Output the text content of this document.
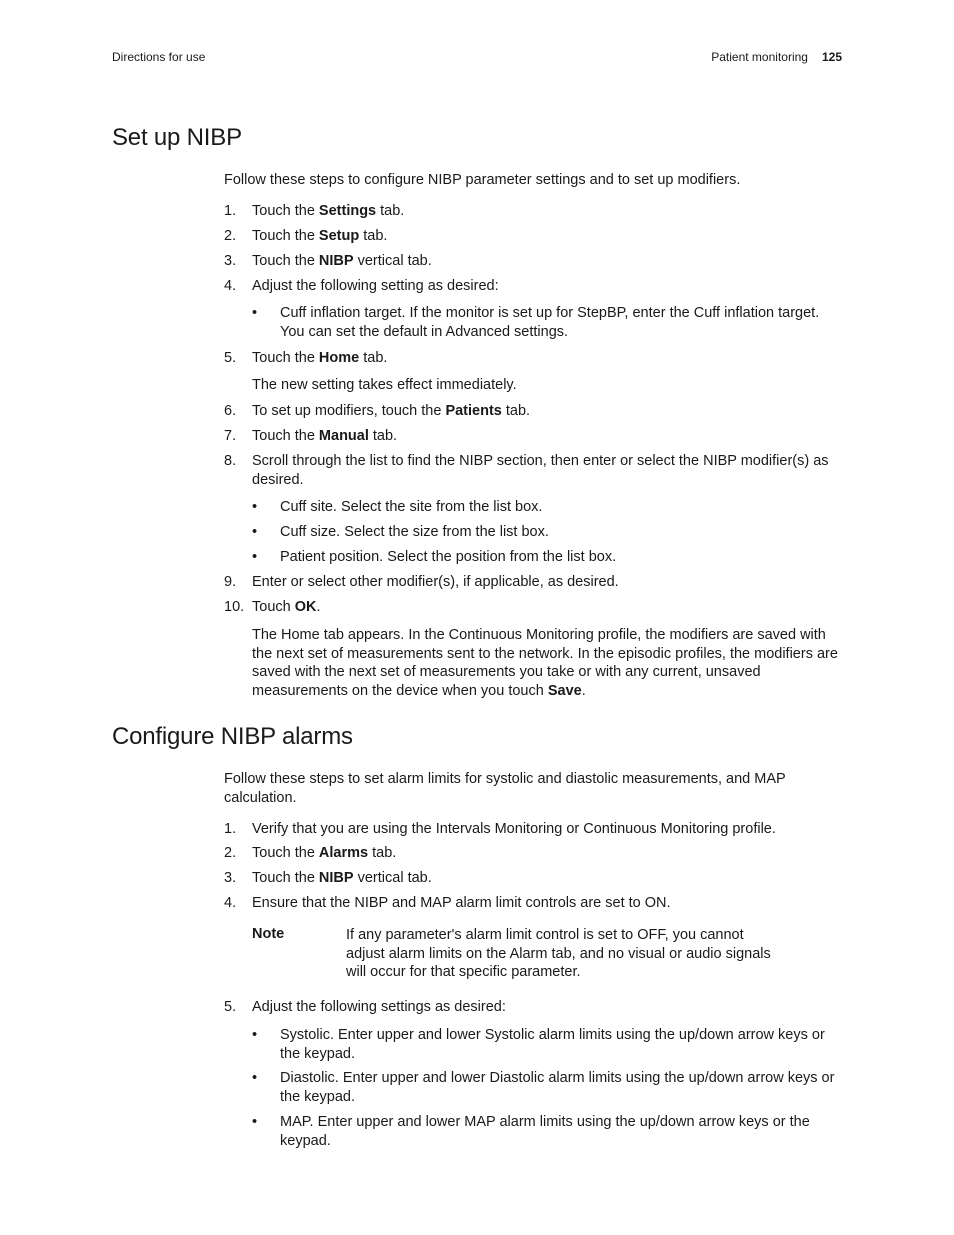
Directions for use	Patient monitoring 125
Set up NIBP

Follow these steps to configure NIBP parameter settings and to set up modifiers.

1.	Touch the Settings tab.
2.	Touch the Setup tab.
3.	Touch the NIBP vertical tab.
4.	Adjust the following setting as desired:
• Cuff inflation target. If the monitor is set up for StepBP, enter the Cuff inflation target. You can set the default in Advanced settings.
5.	Touch the Home tab.

The new setting takes effect immediately.

6.	To set up modifiers, touch the Patients tab.
7.	Touch the Manual tab.
8.	Scroll through the list to find the NIBP section, then enter or select the NIBP modifier(s) as desired.
• Cuff site. Select the site from the list box.
• Cuff size. Select the size from the list box.
• Patient position. Select the position from the list box.
9.	Enter or select other modifier(s), if applicable, as desired.
10. Touch OK.

The Home tab appears. In the Continuous Monitoring profile, the modifiers are saved with the next set of measurements sent to the network. In the episodic profiles, the modifiers are saved with the next set of measurements you take or with any current, unsaved measurements on the device when you touch Save.

Configure NIBP alarms

Follow these steps to set alarm limits for systolic and diastolic measurements, and MAP calculation.

1.	Verify that you are using the Intervals Monitoring or Continuous Monitoring profile.
2.	Touch the Alarms tab.
3.	Touch the NIBP vertical tab.
4.	Ensure that the NIBP and MAP alarm limit controls are set to ON.
Note	If any parameter's alarm limit control is set to OFF, you cannot adjust alarm limits on the Alarm tab, and no visual or audio signals will occur for that specific parameter.
5.	Adjust the following settings as desired:
• Systolic. Enter upper and lower Systolic alarm limits using the up/down arrow keys or the keypad.
• Diastolic. Enter upper and lower Diastolic alarm limits using the up/down arrow keys or the keypad.
• MAP. Enter upper and lower MAP alarm limits using the up/down arrow keys or the keypad.
